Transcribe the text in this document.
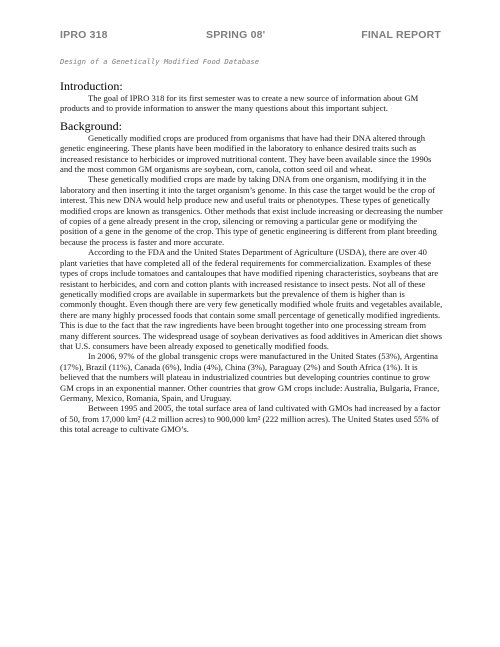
IPRO 318	SPRING 08'	FINAL REPORT
Design of a Genetically Modified Food Database
Introduction:

The goal of IPRO 318 for its first semester was to create a new source of information about GM products and to provide information to answer the many questions about this important subject.

Background:

Genetically modified crops are produced from organisms that have had their DNA altered through genetic engineering. These plants have been modified in the laboratory to enhance desired traits such as increased resistance to herbicides or improved nutritional content. They have been available since the 1990s and the most common GM organisms are soybean, corn, canola, cotton seed oil and wheat.

These genetically modified crops are made by taking DNA from one organism, modifying it in the laboratory and then inserting it into the target organism’s genome. In this case the target would be the crop of interest. This new DNA would help produce new and useful traits or phenotypes. These types of genetically modified crops are known as transgenics. Other methods that exist include increasing or decreasing the number of copies of a gene already present in the crop, silencing or removing a particular gene or modifying the position of a gene in the genome of the crop. This type of genetic engineering is different from plant breeding because the process is faster and more accurate.

According to the FDA and the United States Department of Agriculture (USDA), there are over 40 plant varieties that have completed all of the federal requirements for commercialization. Examples of these types of crops include tomatoes and cantaloupes that have modified ripening characteristics, soybeans that are resistant to herbicides, and corn and cotton plants with increased resistance to insect pests. Not all of these genetically modified crops are available in supermarkets but the prevalence of them is higher than is commonly thought. Even though there are very few genetically modified whole fruits and vegetables available, there are many highly processed foods that contain some small percentage of genetically modified ingredients. This is due to the fact that the raw ingredients have been brought together into one processing stream from many different sources. The widespread usage of soybean derivatives as food additives in American diet shows that U.S. consumers have been already exposed to genetically modified foods.

In 2006, 97% of the global transgenic crops were manufactured in the United States (53%), Argentina (17%), Brazil (11%), Canada (6%), India (4%), China (3%), Paraguay (2%) and South Africa (1%). It is believed that the numbers will plateau in industrialized countries but developing countries continue to grow GM crops in an exponential manner. Other countries that grow GM crops include: Australia, Bulgaria, France, Germany, Mexico, Romania, Spain, and Uruguay.

Between 1995 and 2005, the total surface area of land cultivated with GMOs had increased by a factor of 50, from 17,000 km² (4.2 million acres) to 900,000 km² (222 million acres). The United States used 55% of this total acreage to cultivate GMO’s.
